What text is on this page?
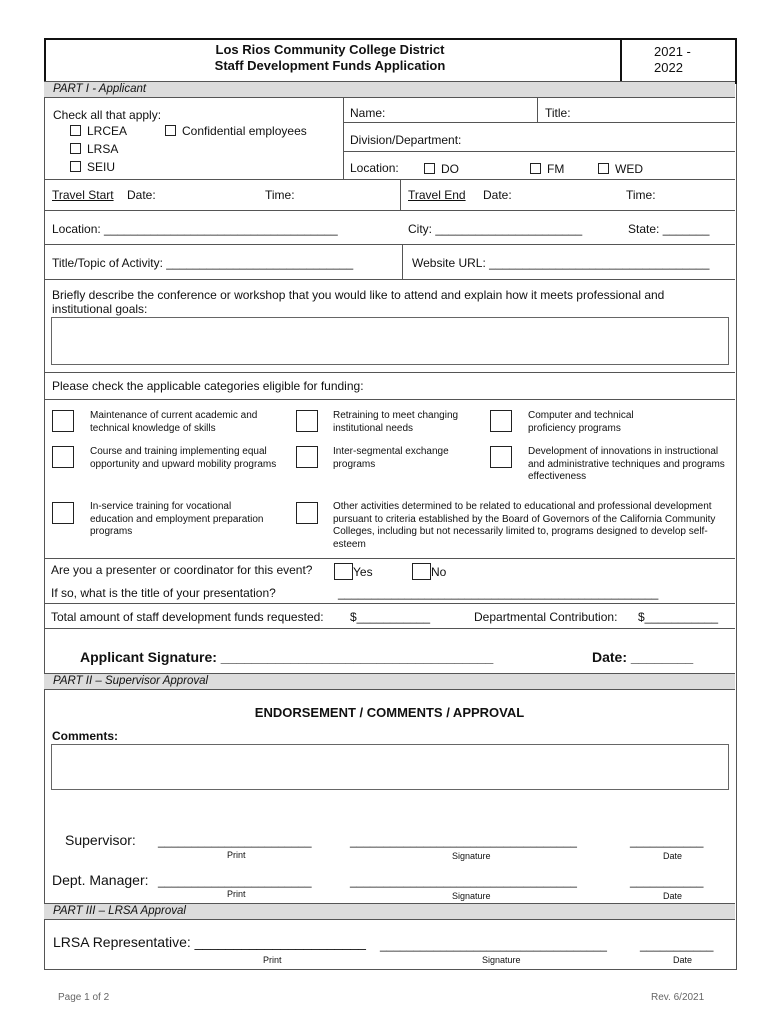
Los Rios Community College District
Staff Development Funds Application
2021 -
2022
PART I - Applicant
Check all that apply:
LRCEA	Confidential employees
LRSA
SEIU
Name:	Title:
Division/Department:
Location:	DO	FM	WED
Travel Start Date:	Time:	Travel End Date:	Time:
Location: ___________________________________	City: ______________________	State: _______
Title/Topic of Activity: ____________________________	Website URL: _________________________________
Briefly describe the conference or workshop that you would like to attend and explain how it meets professional and institutional goals:
Please check the applicable categories eligible for funding:
Maintenance of current academic and technical knowledge of skills
Retraining to meet changing institutional needs
Computer and technical proficiency programs
Course and training implementing equal opportunity and upward mobility programs
Inter-segmental exchange programs
Development of innovations in instructional and administrative techniques and programs effectiveness
In-service training for vocational education and employment preparation programs
Other activities determined to be related to educational and professional development pursuant to criteria established by the Board of Governors of the California Community Colleges, including but not necessarily limited to, programs designed to develop self-esteem
Are you a presenter or coordinator for this event?	Yes	No
If so, what is the title of your presentation?	________________________________________________
Total amount of staff development funds requested: $___________	Departmental Contribution: $___________
Applicant Signature: ___________________________________	Date: ________
PART II – Supervisor Approval
ENDORSEMENT / COMMENTS / APPROVAL
Comments:
Supervisor: _______________________
Print
__________________________________
Signature
___________
Date
Dept. Manager: _______________________
Print
__________________________________
Signature
___________
Date
PART III – LRSA Approval
LRSA Representative: ______________________
Print
__________________________________
Signature
___________
Date
Page 1 of 2	Rev. 6/2021
